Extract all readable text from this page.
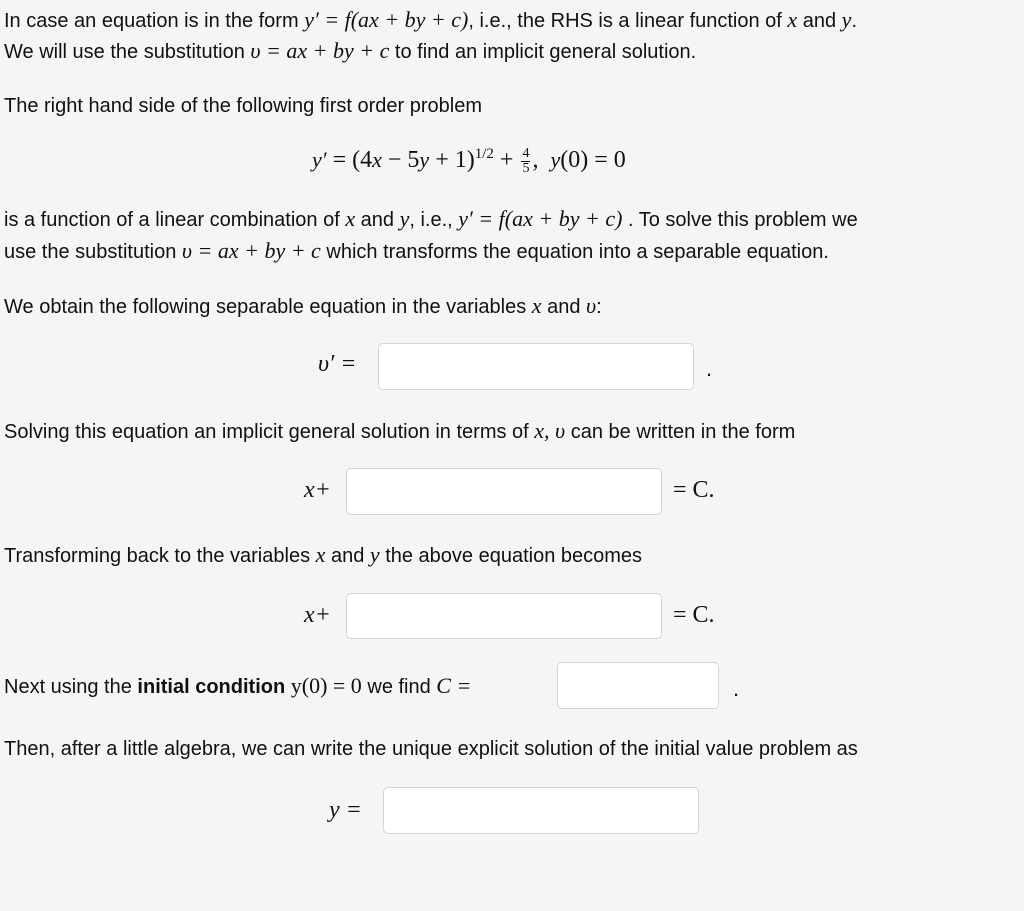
In case an equation is in the form y′ = f(ax + by + c), i.e., the RHS is a linear function of x and y.
We will use the substitution υ = ax + by + c to find an implicit general solution.
The right hand side of the following first order problem
$y' = (4x - 5y + 1)^{1/2} + \frac{4}{5}$ , y(0) = 0
is a function of a linear combination of x and y, i.e., y′ = f(ax + by + c) . To solve this problem we
use the substitution υ = ax + by + c which transforms the equation into a separable equation.
We obtain the following separable equation in the variables x and υ:
υ′ =	.
Solving this equation an implicit general solution in terms of x, υ can be written in the form
x+	= C.
Transforming back to the variables x and y the above equation becomes
x+	= C.
Next using the initial condition y(0) = 0 we find C =	.
Then, after a little algebra, we can write the unique explicit solution of the initial value problem as
y =
